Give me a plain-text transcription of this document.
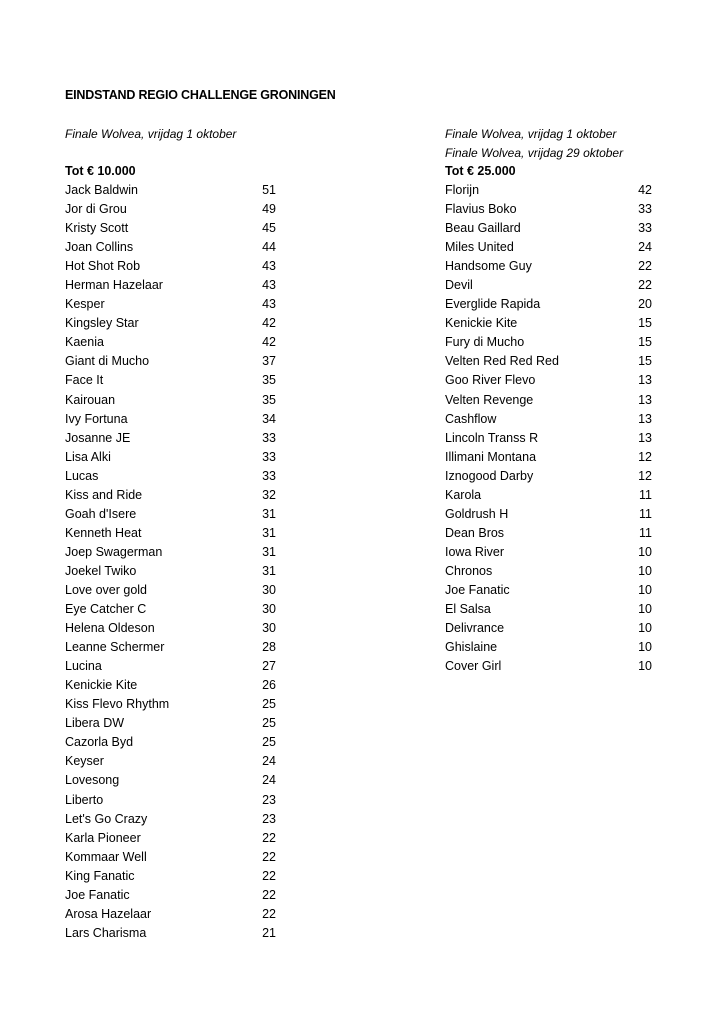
EINDSTAND REGIO CHALLENGE GRONINGEN
Finale Wolvea, vrijdag 1 oktober
Tot € 10.000
Jack Baldwin	51
Jor di Grou	49
Kristy Scott	45
Joan Collins	44
Hot Shot Rob	43
Herman Hazelaar	43
Kesper	43
Kingsley Star	42
Kaenia	42
Giant di Mucho	37
Face It	35
Kairouan	35
Ivy Fortuna	34
Josanne JE	33
Lisa Alki	33
Lucas	33
Kiss and Ride	32
Goah d'Isere	31
Kenneth Heat	31
Joep Swagerman	31
Joekel Twiko	31
Love over gold	30
Eye Catcher C	30
Helena Oldeson	30
Leanne Schermer	28
Lucina	27
Kenickie Kite	26
Kiss Flevo Rhythm	25
Libera DW	25
Cazorla Byd	25
Keyser	24
Lovesong	24
Liberto	23
Let's Go Crazy	23
Karla Pioneer	22
Kommaar Well	22
King Fanatic	22
Joe Fanatic	22
Arosa Hazelaar	22
Lars Charisma	21
Finale Wolvea, vrijdag 1 oktober
Finale Wolvea, vrijdag 29 oktober
Tot € 25.000
Florijn	42
Flavius Boko	33
Beau Gaillard	33
Miles United	24
Handsome Guy	22
Devil	22
Everglide Rapida	20
Kenickie Kite	15
Fury di Mucho	15
Velten Red Red Red	15
Goo River Flevo	13
Velten Revenge	13
Cashflow	13
Lincoln Transs R	13
Illimani Montana	12
Iznogood Darby	12
Karola	11
Goldrush H	11
Dean Bros	11
Iowa River	10
Chronos	10
Joe Fanatic	10
El Salsa	10
Delivrance	10
Ghislaine	10
Cover Girl	10
